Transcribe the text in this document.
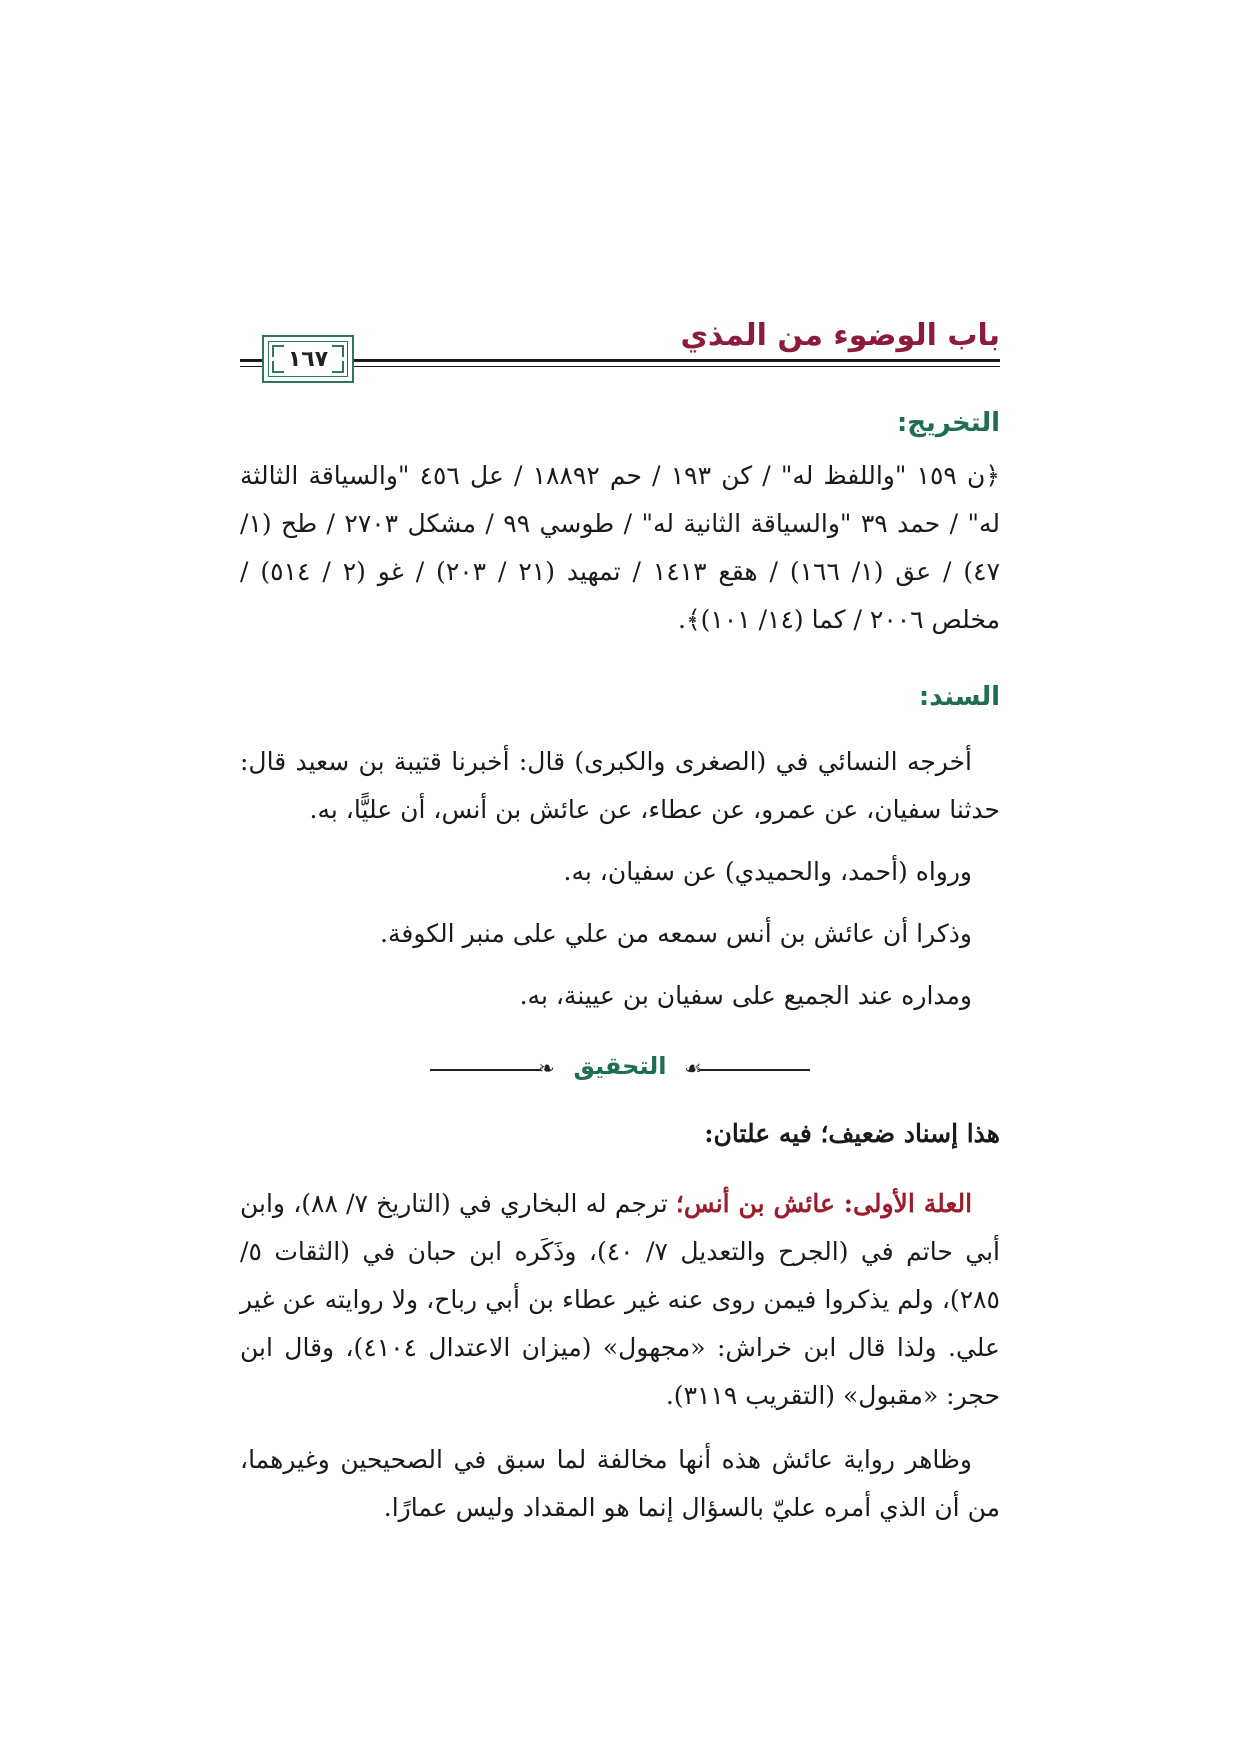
باب الوضوء من المذي
١٦٧
التخريج:

﴿ن ١٥٩ "واللفظ له" / كن ١٩٣ / حم ١٨٨٩٢ / عل ٤٥٦ "والسياقة الثالثة له" / حمد ٣٩ "والسياقة الثانية له" / طوسي ٩٩ / مشكل ٢٧٠٣ / طح (١/ ٤٧) / عق (١/ ١٦٦) / هقع ١٤١٣ / تمهيد (٢١ / ٢٠٣) / غو (٢ / ٥١٤) / مخلص ٢٠٠٦ / كما (١٤/ ١٠١)﴾.

السند:

أخرجه النسائي في (الصغرى والكبرى) قال: أخبرنا قتيبة بن سعيد قال: حدثنا سفيان، عن عمرو، عن عطاء، عن عائش بن أنس، أن عليًّا، به.

ورواه (أحمد، والحميدي) عن سفيان، به.

وذكرا أن عائش بن أنس سمعه من علي على منبر الكوفة.

ومداره عند الجميع على سفيان بن عيينة، به.

❧	☙
التحقيق

هذا إسناد ضعيف؛ فيه علتان:

العلة الأولى: عائش بن أنس؛ ترجم له البخاري في (التاريخ ٧/ ٨٨)، وابن أبي حاتم في (الجرح والتعديل ٧/ ٤٠)، وذَكَره ابن حبان في (الثقات ٥/ ٢٨٥)، ولم يذكروا فيمن روى عنه غير عطاء بن أبي رباح، ولا روايته عن غير علي. ولذا قال ابن خراش: «مجهول» (ميزان الاعتدال ٤١٠٤)، وقال ابن حجر: «مقبول» (التقريب ٣١١٩).

وظاهر رواية عائش هذه أنها مخالفة لما سبق في الصحيحين وغيرهما، من أن الذي أمره عليّ بالسؤال إنما هو المقداد وليس عمارًا.
